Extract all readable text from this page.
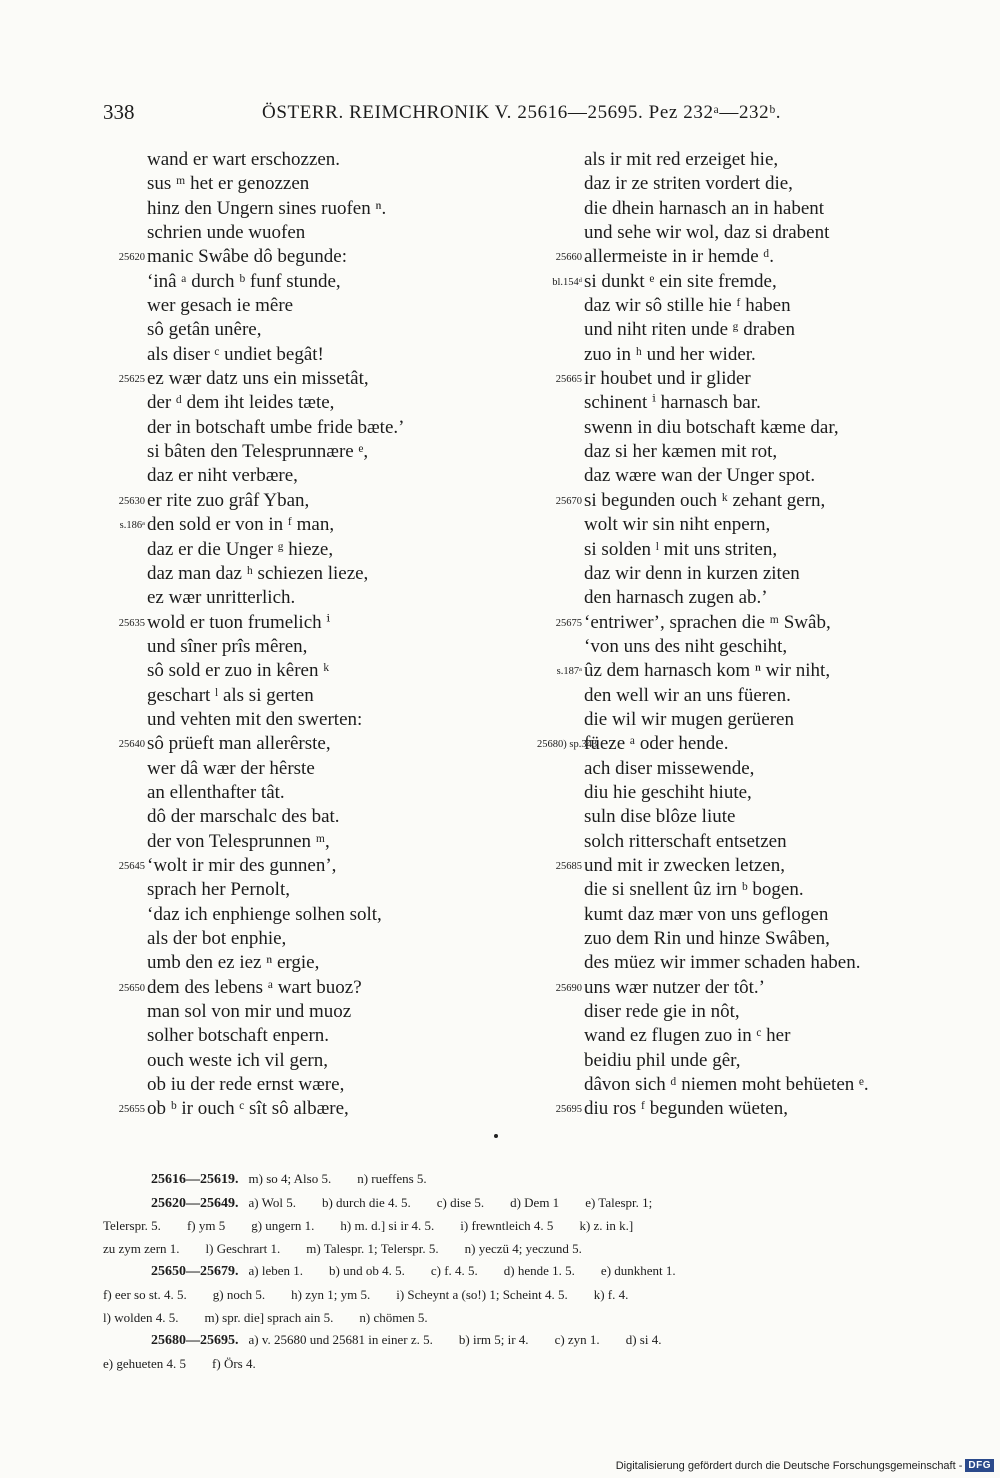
338	ÖSTERR. REIMCHRONIK V. 25616—25695. Pez 232ᵃ—232ᵇ.
wand er wart erschozzen.
sus ᵐ het er genozzen
hinz den Ungern sines ruofen ⁿ.
schrien unde wuofen
25620 manic Swâbe dô begunde:
ʻinâ ᵃ durch ᵇ funf stunde,
wer gesach ie mêre
sô getân unêre,
als diser ᶜ undiet begât!
25625 ez wær datz uns ein missetât,
der ᵈ dem iht leides tæte,
der in botschaft umbe fride bæte.ʼ
si bâten den Telesprunnære ᵉ,
daz er niht verbære,
25630 er rite zuo grâf Yban,
s.186ᵃ den sold er von in ᶠ man,
daz er die Unger ᵍ hieze,
daz man daz ʰ schiezen lieze,
ez wær unritterlich.
25635 wold er tuon frumelich ⁱ
und sîner prîs mêren,
sô sold er zuo in kêren ᵏ
geschart ˡ als si gerten
und vehten mit den swerten:
25640 sô prüeft man allerêrste,
wer dâ wær der hêrste
an ellenthafter tât.
dô der marschalc des bat.
der von Telesprunnen ᵐ,
25645 ʻwolt ir mir des gunnenʼ,
sprach her Pernolt,
ʻdaz ich enphienge solhen solt,
als der bot enphie,
umb den ez iez ⁿ ergie,
25650 dem des lebens ᵃ wart buoz?
man sol von mir und muoz
solher botschaft enpern.
ouch weste ich vil gern,
ob iu der rede ernst wære,
25655 ob ᵇ ir ouch ᶜ sît sô albære,
als ir mit red erzeiget hie,
daz ir ze striten vordert die,
die dhein harnasch an in habent
und sehe wir wol, daz si drabent
25660 allermeiste in ir hemde ᵈ.
bl.154ᵈ si dunkt ᵉ ein site fremde,
daz wir sô stille hie ᶠ haben
und niht riten unde ᵍ draben
zuo in ʰ und her wider.
25665 ir houbet und ir glider
schinent ⁱ harnasch bar.
swenn in diu botschaft kæme dar,
daz si her kæmen mit rot,
daz wære wan der Unger spot.
25670 si begunden ouch ᵏ zehant gern,
wolt wir sin niht enpern,
si solden ˡ mit uns striten,
daz wir denn in kurzen ziten
den harnasch zugen ab.ʼ
25675 ʻentriwerʼ, sprachen die ᵐ Swâb,
ʻvon uns des niht geschiht,
s.187ᵃ ûz dem harnasch kom ⁿ wir niht,
den well wir an uns füeren.
die wil wir mugen gerüeren
25680) sp.343
füeze ᵃ oder hende.
ach diser missewende,
diu hie geschiht hiute,
suln dise blôze liute
solch ritterschaft entsetzen
25685 und mit ir zwecken letzen,
die si snellent ûz irn ᵇ bogen.
kumt daz mær von uns geflogen
zuo dem Rin und hinze Swâben,
des müez wir immer schaden haben.
25690 uns wær nutzer der tôt.ʼ
diser rede gie in nôt,
wand ez flugen zuo in ᶜ her
beidiu phil unde gêr,
dâvon sich ᵈ niemen moht behüeten ᵉ.
25695 diu ros ᶠ begunden wüeten,
25616—25619. m) so 4; Also 5. n) rueffens 5.
25620—25649. a) Wol 5. b) durch die 4. 5. c) dise 5. d) Dem 1 e) Talespr. 1;
Telerspr. 5. f) ym 5 g) ungern 1. h) m. d.] si ir 4. 5. i) frewntleich 4. 5 k) z. in k.]
zu zym zern 1. l) Geschrart 1. m) Talespr. 1; Telerspr. 5. n) yeczü 4; yeczund 5.
25650—25679. a) leben 1. b) und ob 4. 5. c) f. 4. 5. d) hende 1. 5. e) dunkhent 1.
f) eer so st. 4. 5. g) noch 5. h) zyn 1; ym 5. i) Scheynt a (so!) 1; Scheint 4. 5. k) f. 4.
l) wolden 4. 5. m) spr. die] sprach ain 5. n) chömen 5.
25680—25695. a) v. 25680 und 25681 in einer z. 5. b) irm 5; ir 4. c) zyn 1. d) si 4.
e) gehueten 4. 5 f) Örs 4.
Digitalisierung gefördert durch die Deutsche Forschungsgemeinschaft - DFG
